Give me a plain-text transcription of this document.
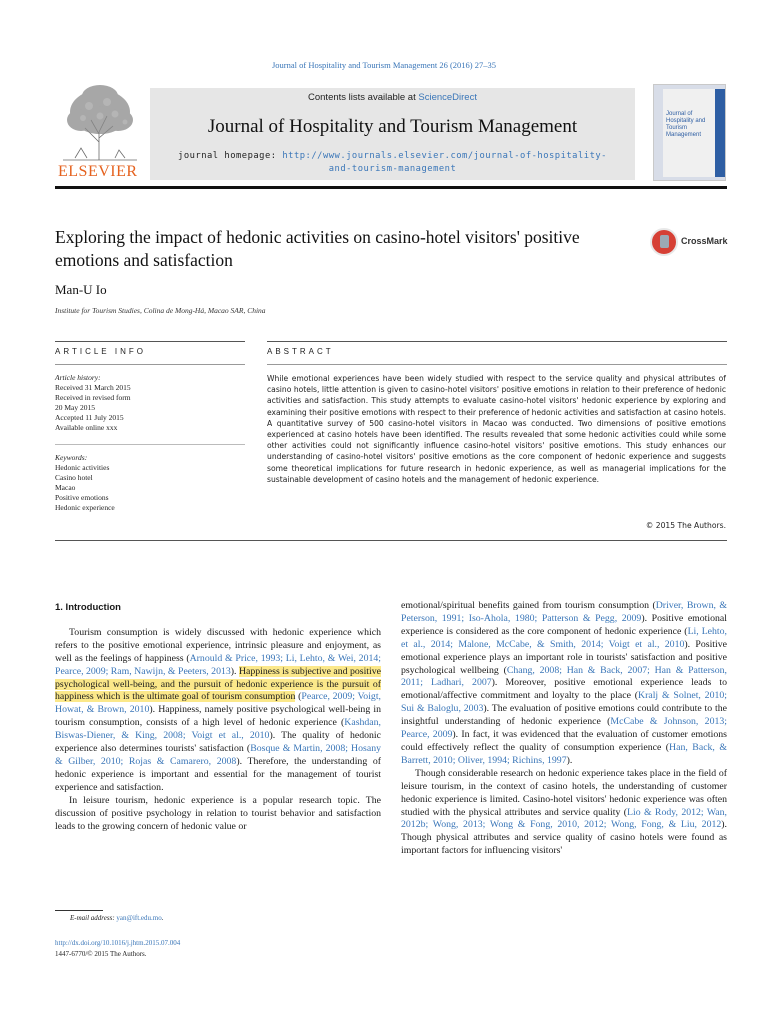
Journal of Hospitality and Tourism Management 26 (2016) 27–35
ELSEVIER
Contents lists available at ScienceDirect
Journal of Hospitality and Tourism Management
journal homepage: http://www.journals.elsevier.com/journal-of-hospitality-
and-tourism-management
Journal of Hospitality and Tourism Management
Exploring the impact of hedonic activities on casino-hotel visitors' positive emotions and satisfaction
CrossMark
Man-U Io
Institute for Tourism Studies, Colina de Mong-Há, Macao SAR, China
ARTICLE INFO	ABSTRACT
Article history:
Received 31 March 2015
Received in revised form
20 May 2015
Accepted 11 July 2015
Available online xxx
Keywords:
Hedonic activities
Casino hotel
Macao
Positive emotions
Hedonic experience
While emotional experiences have been widely studied with respect to the service quality and physical attributes of casino hotels, little attention is given to casino-hotel visitors' positive emotions in relation to their preference of hedonic activities and satisfaction. This study attempts to evaluate casino-hotel visitors' hedonic experience by exploring and examining their positive emotions with respect to their preference of hedonic activities and satisfaction at casino hotels. A quantitative survey of 500 casino-hotel visitors in Macao was conducted. Two dimensions of positive emotions experienced at casino hotels have been identified. The results revealed that some hedonic activities could while some other activities could not significantly influence casino-hotel visitors' positive emotions. This study enhances our understanding of casino-hotel visitors' positive emotions as the core component of hedonic experience and suggests some theoretical implications for future research in hedonic experience, as well as managerial implications for the sustainable development of casino hotels and the management of hedonic experience.
© 2015 The Authors.
1. Introduction

Tourism consumption is widely discussed with hedonic experience which refers to the positive emotional experience, intrinsic pleasure and enjoyment, as well as the feelings of happiness (Arnould & Price, 1993; Li, Lehto, & Wei, 2014; Pearce, 2009; Ram, Nawijn, & Peeters, 2013). Happiness is subjective and positive psychological well-being, and the pursuit of hedonic experience is the pursuit of happiness which is the ultimate goal of tourism consumption (Pearce, 2009; Voigt, Howat, & Brown, 2010). Happiness, namely positive psychological well-being in tourism consumption, consists of a high level of hedonic experience (Kashdan, Biswas-Diener, & King, 2008; Voigt et al., 2010). The quality of hedonic experience also determines tourists' satisfaction (Bosque & Martin, 2008; Hosany & Gilber, 2010; Rojas & Camarero, 2008). Therefore, the understanding of hedonic experience is important and essential for the management of tourist experience and satisfaction.

In leisure tourism, hedonic experience is a popular research topic. The discussion of positive psychology in relation to tourist behavior and satisfaction leads to the growing concern of hedonic value or

emotional/spiritual benefits gained from tourism consumption (Driver, Brown, & Peterson, 1991; Iso-Ahola, 1980; Patterson & Pegg, 2009). Positive emotional experience is considered as the core component of hedonic experience (Li, Lehto, et al., 2014; Malone, McCabe, & Smith, 2014; Voigt et al., 2010). Positive emotional experience plays an important role in tourists' satisfaction and positive psychological wellbeing (Chang, 2008; Han & Back, 2007; Han & Patterson, 2011; Ladhari, 2007). Moreover, positive emotional experience leads to emotional/affective commitment and loyalty to the place (Kralj & Solnet, 2010; Sui & Baloglu, 2003). The evaluation of positive emotions could contribute to the insightful understanding of hedonic experience (McCabe & Johnson, 2013; Pearce, 2009). In fact, it was evidenced that the evaluation of customer emotions could effectively reflect the quality of consumption experience (Han, Back, & Barrett, 2010; Oliver, 1994; Richins, 1997).

Though considerable research on hedonic experience takes place in the field of leisure tourism, in the context of casino hotels, the understanding of customer hedonic experience is limited. Casino-hotel visitors' hedonic experience was often studied with the physical attributes and service quality (Lio & Rody, 2012; Wan, 2012b; Wong, 2013; Wong & Fong, 2010, 2012; Wong, Fong, & Liu, 2012). Though physical attributes and service quality of casino hotels were found as important factors for influencing visitors'

E-mail address: yan@ift.edu.mo.
http://dx.doi.org/10.1016/j.jhtm.2015.07.004
1447-6770/© 2015 The Authors.
